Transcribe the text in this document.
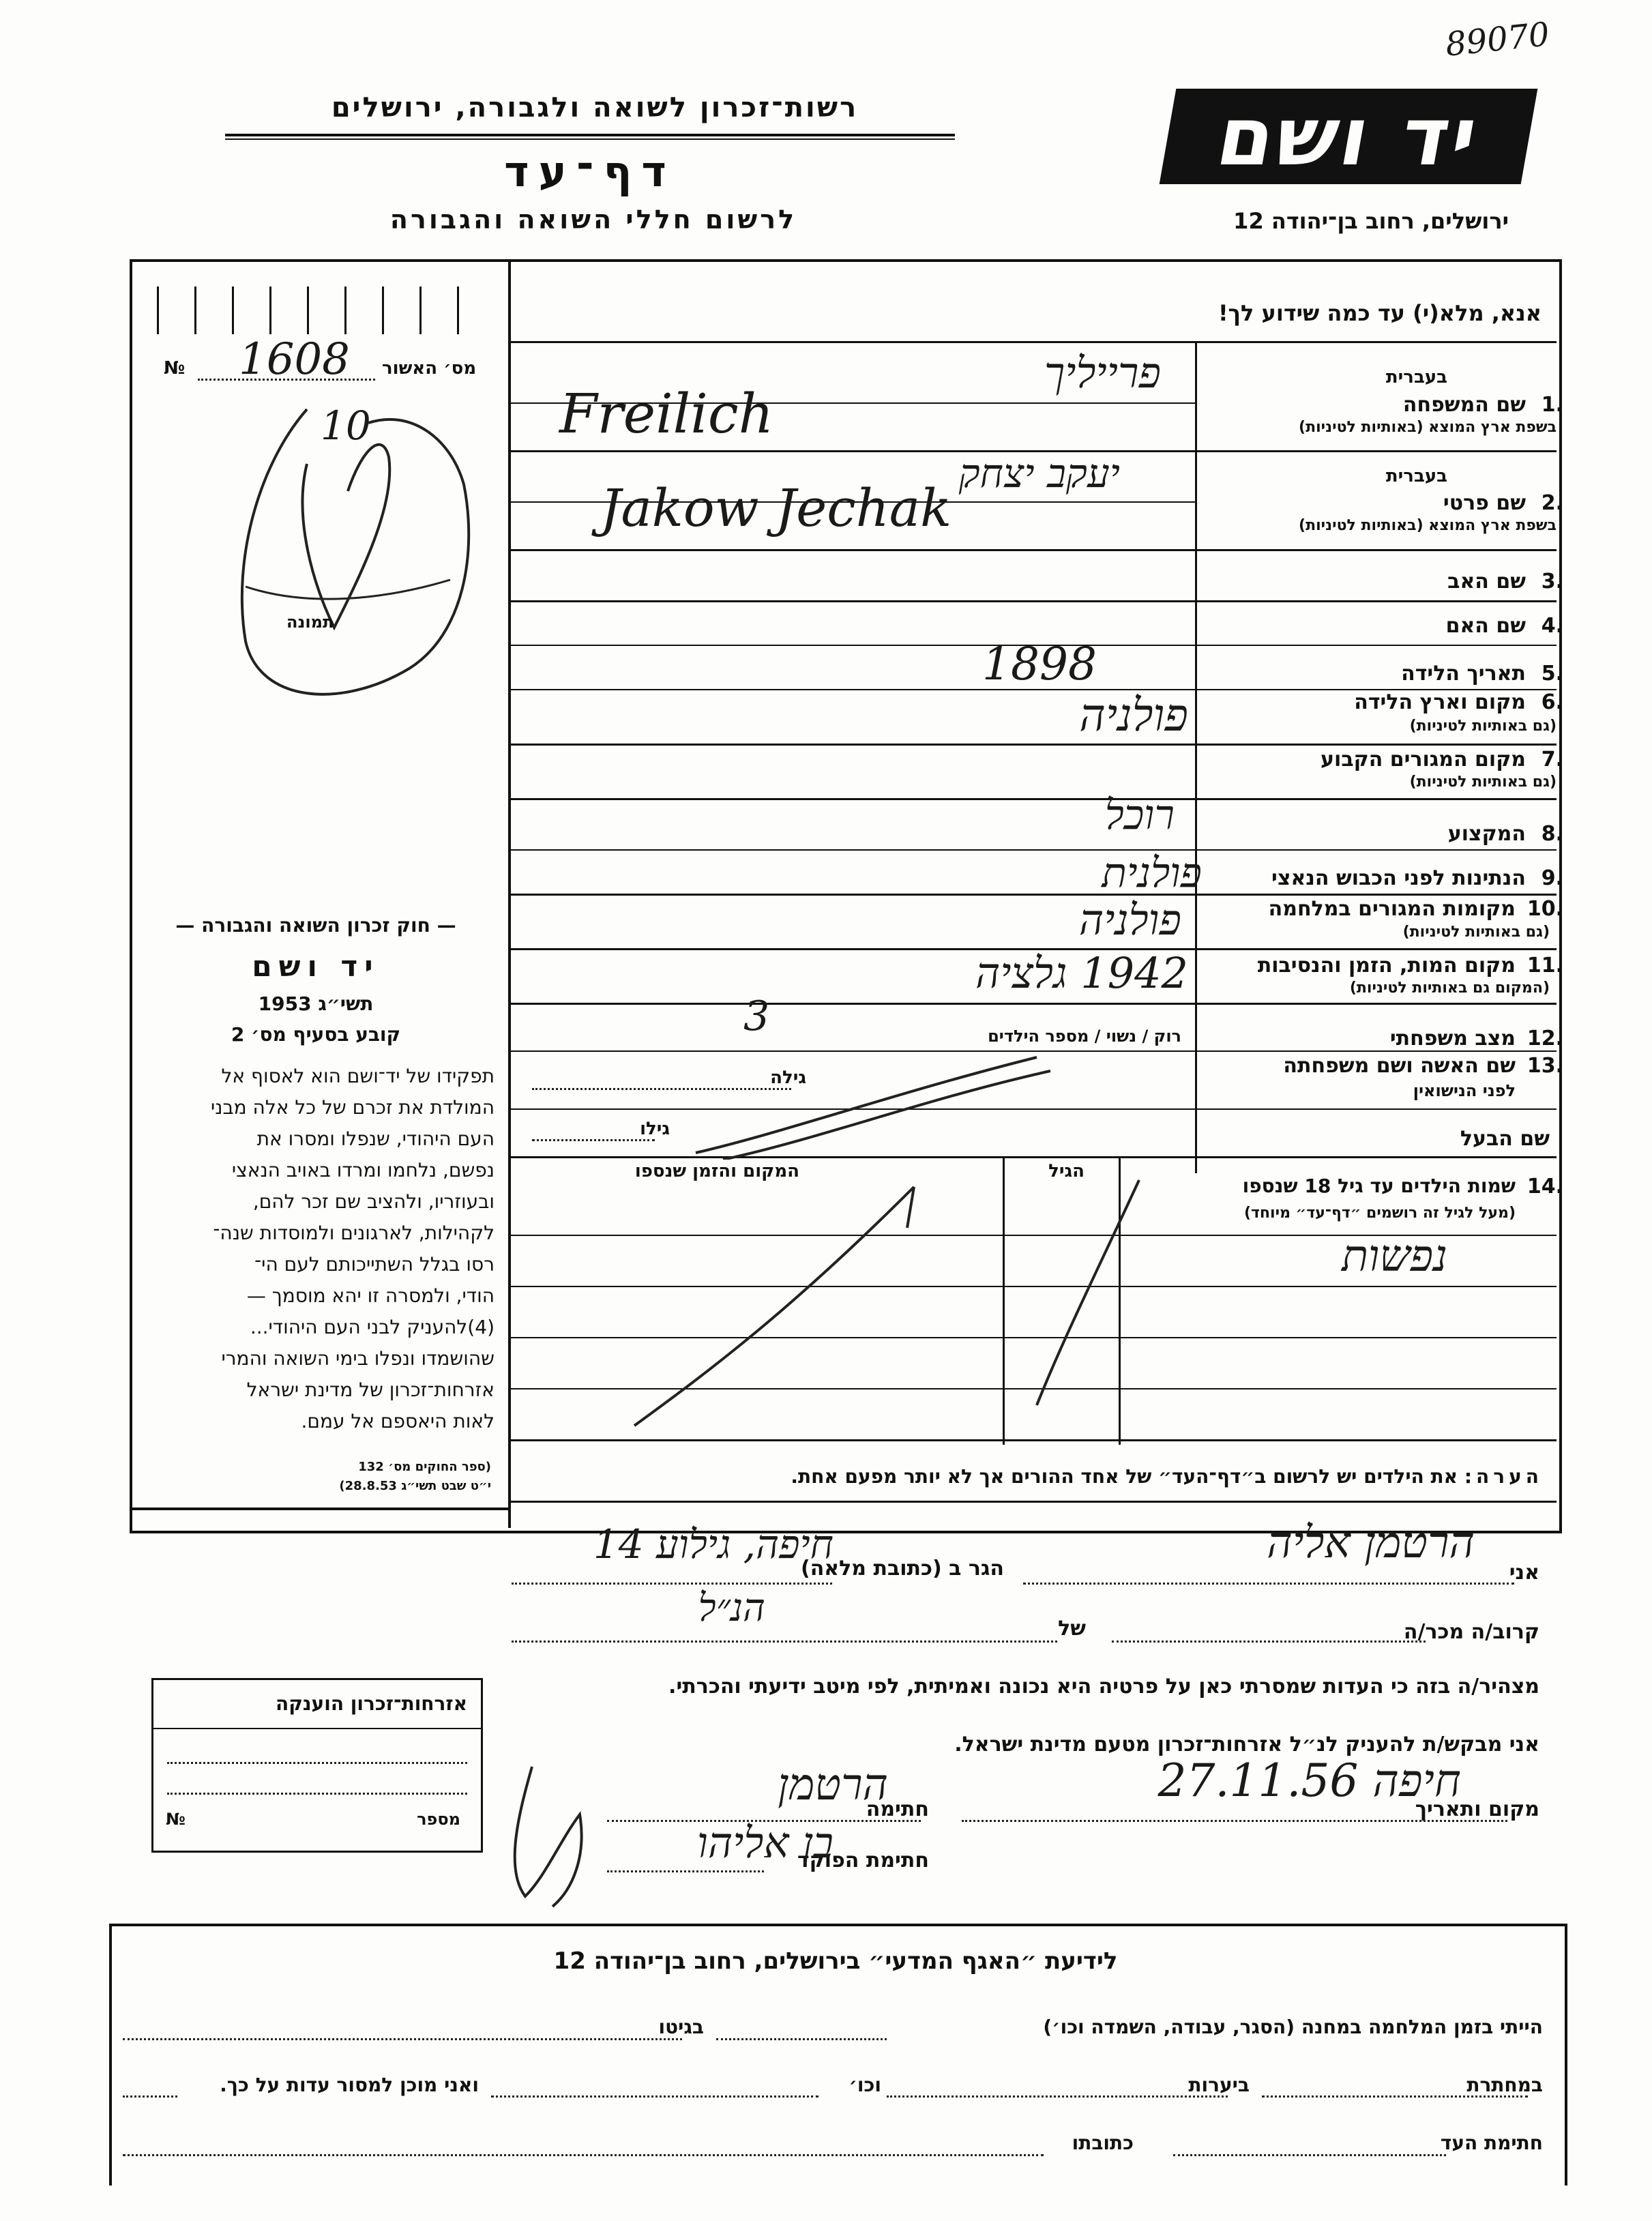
89070
יד ושם
רשות־זכרון לשואה ולגבורה, ירושלים
דף־עד
לרשום חללי השואה והגבורה	ירושלים, רחוב בן־יהודה 12
מס׳ האשור
№ 1608
10
תמונה
— חוק זכרון השואה והגבורה —
יד ושם
תשי״ג 1953
קובע בסעיף מס׳ 2
תפקידו של יד־ושם הוא לאסוף אל
המולדת את זכרם של כל אלה מבני
העם היהודי, שנפלו ומסרו את
נפשם, נלחמו ומרדו באויב הנאצי
ובעוזריו, ולהציב שם זכר להם,
לקהילות, לארגונים ולמוסדות שנה־
רסו בגלל השתייכותם לעם הי־
הודי, ולמסרה זו יהא מוסמך —
(4)להעניק לבני העם היהודי...
שהושמדו ונפלו בימי השואה והמרי
אזרחות־זכרון של מדינת ישראל
לאות היאספם אל עמם.
(ספר החוקים מס׳ 132
י״ט שבט תשי״ג 28.8.53)
אנא, מלא(י) עד כמה שידוע לך!
בעברית
1.
שם המשפחה
בשפת ארץ המוצא (באותיות לטיניות)
פרייליך
Freilich
בעברית
2.
שם פרטי
בשפת ארץ המוצא (באותיות לטיניות)
יעקב יצחק
Jakow Jechak
3.
שם האב
4.
שם האם
5.
תאריך הלידה
1898
6.
מקום וארץ הלידה
(גם באותיות לטיניות)
פולניה
7.
מקום המגורים הקבוע
(גם באותיות לטיניות)
8.
המקצוע
רוכל
9.
הנתינות לפני הכבוש הנאצי
פולנית
10.
מקומות המגורים במלחמה
(גם באותיות לטיניות)
פולניה
11.
מקום המות, הזמן והנסיבות
(המקום גם באותיות לטיניות)
1942 גלציה
12.
מצב משפחתי
רוק / נשוי / מספר הילדים
3
13.
שם האשה ושם משפחתה
לפני הנישואין
גילה
גילו	שם הבעל
14.
שמות הילדים עד גיל 18 שנספו
(מעל לגיל זה רושמים ״דף־עד״ מיוחד)
הגיל
המקום והזמן שנספו
נפשות
הערה: את הילדים יש לרשום ב״דף־העד״ של אחד ההורים אך לא יותר מפעם אחת.
אני
הרטמן אליה
הגר ב (כתובת מלאה)
חיפה, גילוע 14
קרוב/ה מכר/ה
של
הנ״ל
מצהיר/ה בזה כי העדות שמסרתי כאן על פרטיה היא נכונה ואמיתית, לפי מיטב ידיעתי והכרתי.
אני מבקש/ת להעניק לנ״ל אזרחות־זכרון מטעם מדינת ישראל.
מקום ותאריך
חיפה 27.11.56
חתימה
הרטמן
חתימת הפוקד
בן אליהו
אזרחות־זכרון הוענקה
מספר
№
לידיעת ״האגף המדעי״ בירושלים, רחוב בן־יהודה 12
הייתי בזמן המלחמה במחנה (הסגר, עבודה, השמדה וכו׳)
בגיטו
במחתרת
ביערות
וכו׳
ואני מוכן למסור עדות על כך.
חתימת העד
כתובתו
